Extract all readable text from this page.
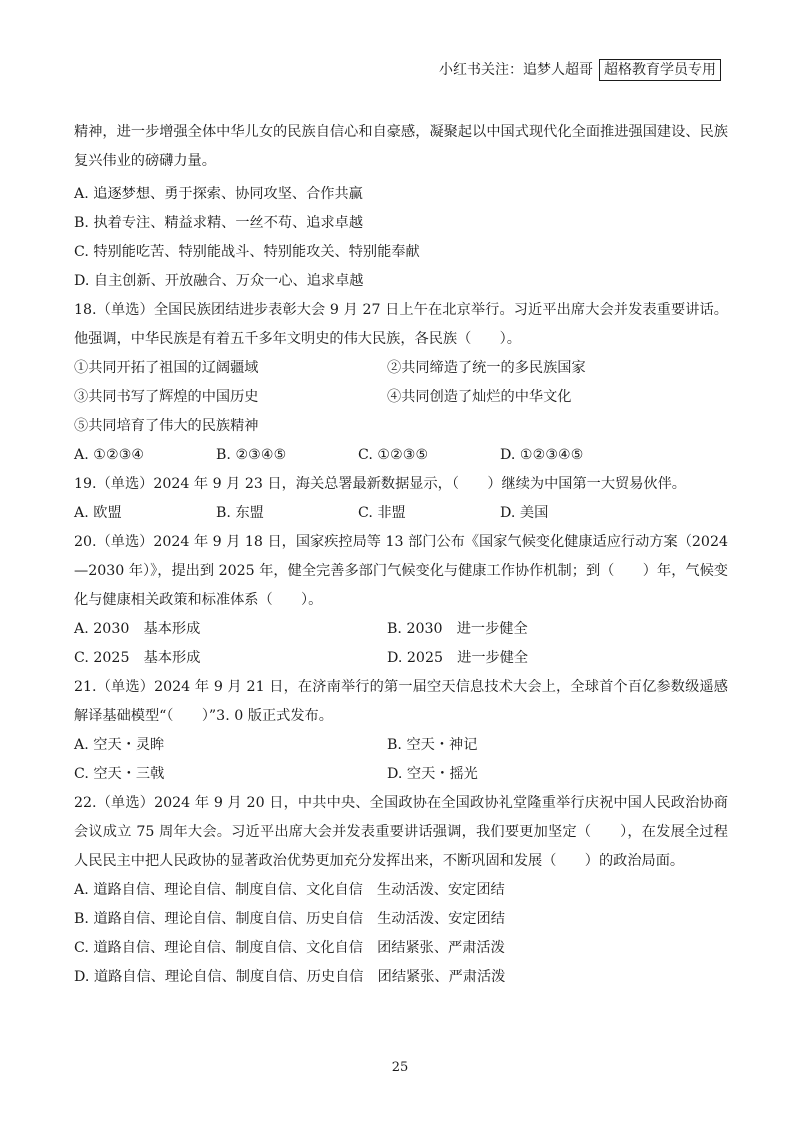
小红书关注：追梦人超哥 超格教育学员专用

精神，进一步增强全体中华儿女的民族自信心和自豪感，凝聚起以中国式现代化全面推进强国建设、民族复兴伟业的磅礴力量。

A. 追逐梦想、勇于探索、协同攻坚、合作共赢
B. 执着专注、精益求精、一丝不苟、追求卓越
C. 特别能吃苦、特别能战斗、特别能攻关、特别能奉献
D. 自主创新、开放融合、万众一心、追求卓越

18.（单选）全国民族团结进步表彰大会 9 月 27 日上午在北京举行。习近平出席大会并发表重要讲话。他强调，中华民族是有着五千多年文明史的伟大民族，各民族（　　）。

①共同开拓了祖国的辽阔疆域	②共同缔造了统一的多民族国家
③共同书写了辉煌的中国历史	④共同创造了灿烂的中华文化
⑤共同培育了伟大的民族精神
A. ①②③④	B. ②③④⑤	C. ①②③⑤	D. ①②③④⑤

19.（单选）2024 年 9 月 23 日，海关总署最新数据显示，（　　）继续为中国第一大贸易伙伴。

A. 欧盟	B. 东盟	C. 非盟	D. 美国

20.（单选）2024 年 9 月 18 日，国家疾控局等 13 部门公布《国家气候变化健康适应行动方案（2024—2030 年）》，提出到 2025 年，健全完善多部门气候变化与健康工作协作机制；到（　　）年，气候变化与健康相关政策和标准体系（　　）。

A. 2030　基本形成	B. 2030　进一步健全
C. 2025　基本形成	D. 2025　进一步健全

21.（单选）2024 年 9 月 21 日，在济南举行的第一届空天信息技术大会上，全球首个百亿参数级遥感解译基础模型“（　　）”3. 0 版正式发布。

A. 空天・灵眸	B. 空天・神记
C. 空天・三戟	D. 空天・摇光

22.（单选）2024 年 9 月 20 日，中共中央、全国政协在全国政协礼堂隆重举行庆祝中国人民政治协商会议成立 75 周年大会。习近平出席大会并发表重要讲话强调，我们要更加坚定（　　），在发展全过程人民民主中把人民政协的显著政治优势更加充分发挥出来，不断巩固和发展（　　）的政治局面。

A. 道路自信、理论自信、制度自信、文化自信　生动活泼、安定团结
B. 道路自信、理论自信、制度自信、历史自信　生动活泼、安定团结
C. 道路自信、理论自信、制度自信、文化自信　团结紧张、严肃活泼
D. 道路自信、理论自信、制度自信、历史自信　团结紧张、严肃活泼
25
